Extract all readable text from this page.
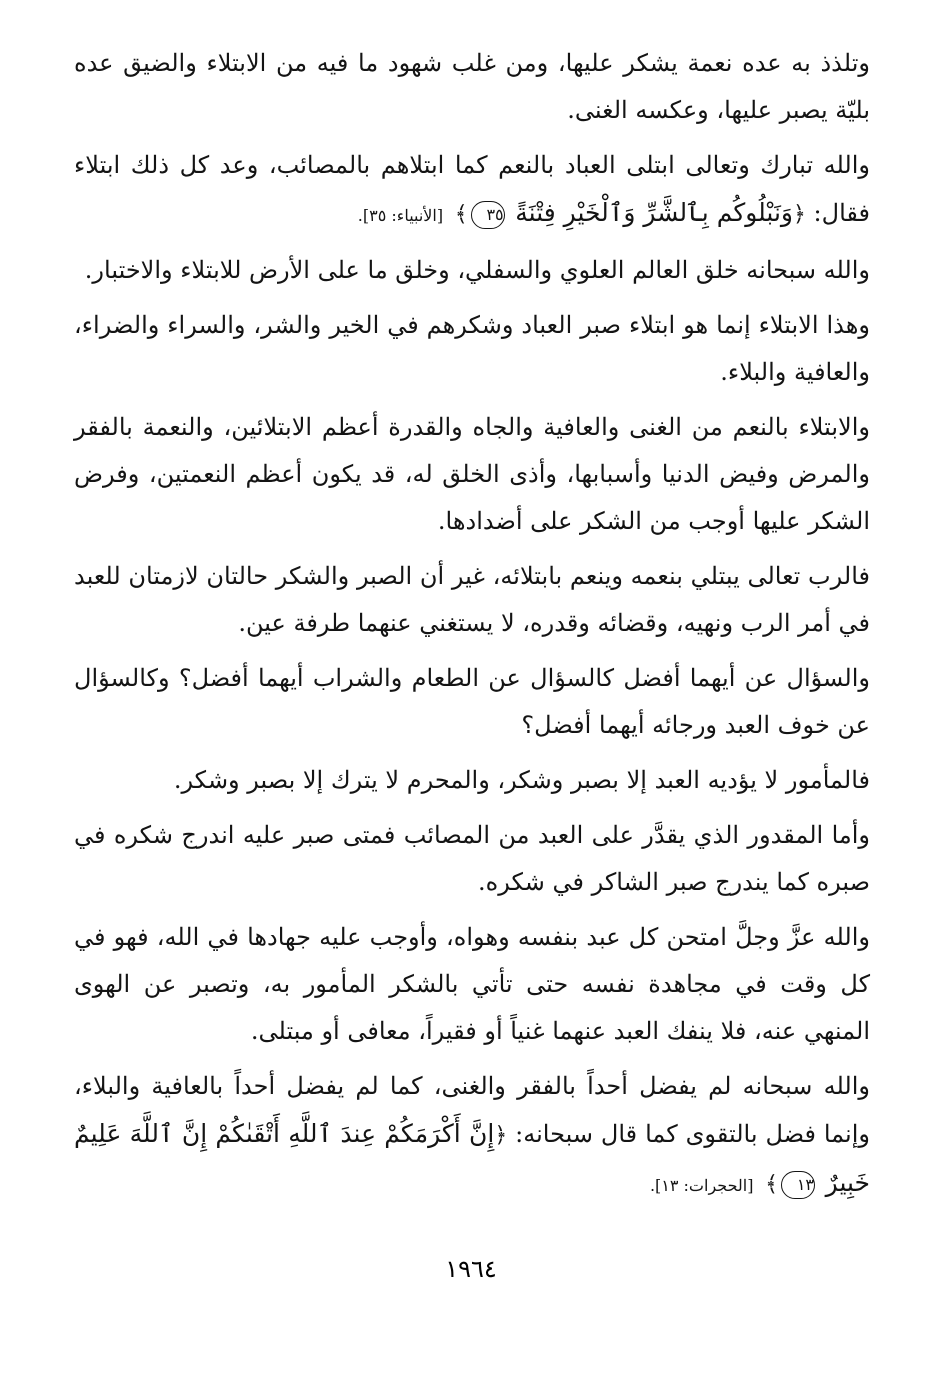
وتلذذ به عده نعمة يشكر عليها، ومن غلب شهود ما فيه من الابتلاء والضيق عده بليّة يصبر عليها، وعكسه الغنى.

والله تبارك وتعالى ابتلى العباد بالنعم كما ابتلاهم بالمصائب، وعد كل ذلك ابتلاء فقال: ﴿وَنَبْلُوكُم بِٱلشَّرِّ وَٱلْخَيْرِ فِتْنَةً ٣٥﴾ [الأنبياء: ٣٥].

والله سبحانه خلق العالم العلوي والسفلي، وخلق ما على الأرض للابتلاء والاختبار.

وهذا الابتلاء إنما هو ابتلاء صبر العباد وشكرهم في الخير والشر، والسراء والضراء، والعافية والبلاء.

والابتلاء بالنعم من الغنى والعافية والجاه والقدرة أعظم الابتلائين، والنعمة بالفقر والمرض وفيض الدنيا وأسبابها، وأذى الخلق له، قد يكون أعظم النعمتين، وفرض الشكر عليها أوجب من الشكر على أضدادها.

فالرب تعالى يبتلي بنعمه وينعم بابتلائه، غير أن الصبر والشكر حالتان لازمتان للعبد في أمر الرب ونهيه، وقضائه وقدره، لا يستغني عنهما طرفة عين.

والسؤال عن أيهما أفضل كالسؤال عن الطعام والشراب أيهما أفضل؟ وكالسؤال عن خوف العبد ورجائه أيهما أفضل؟

فالمأمور لا يؤديه العبد إلا بصبر وشكر، والمحرم لا يترك إلا بصبر وشكر.

وأما المقدور الذي يقدَّر على العبد من المصائب فمتى صبر عليه اندرج شكره في صبره كما يندرج صبر الشاكر في شكره.

والله عزَّ وجلَّ امتحن كل عبد بنفسه وهواه، وأوجب عليه جهادها في الله، فهو في كل وقت في مجاهدة نفسه حتى تأتي بالشكر المأمور به، وتصبر عن الهوى المنهي عنه، فلا ينفك العبد عنهما غنياً أو فقيراً، معافى أو مبتلى.

والله سبحانه لم يفضل أحداً بالفقر والغنى، كما لم يفضل أحداً بالعافية والبلاء، وإنما فضل بالتقوى كما قال سبحانه: ﴿إِنَّ أَكْرَمَكُمْ عِندَ ٱللَّهِ أَتْقَىٰكُمْ إِنَّ ٱللَّهَ عَلِيمٌ خَبِيرٌ ١٣﴾ [الحجرات: ١٣].

١٩٦٤
